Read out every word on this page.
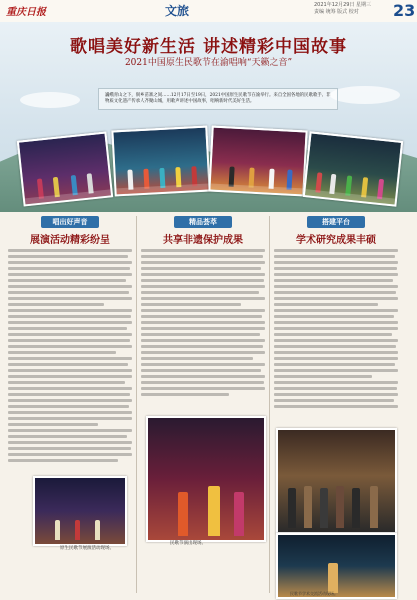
重庆日报	文旅	2021年12月29日 星期三
责编 统筹 版式 校对	23
歌唱美好新生活 讲述精彩中国故事
2021中国原生民歌节在渝唱响“天籁之音”
巍峨青山之下，侗乡苗寨之间……12月17日至19日，2021中国原生民歌节在渝举行。来自全国各地的民歌歌手、非物质文化遗产传承人齐聚山城，用歌声讲述中国故事，唱响新时代美好生活。
唱出好声音
展演活动精彩纷呈
精品荟萃
共享非遗保护成果
搭建平台
学术研究成果丰硕
原生民歌节展演活动现场。
民歌节演出现场。
民歌节学术交流活动现场。
